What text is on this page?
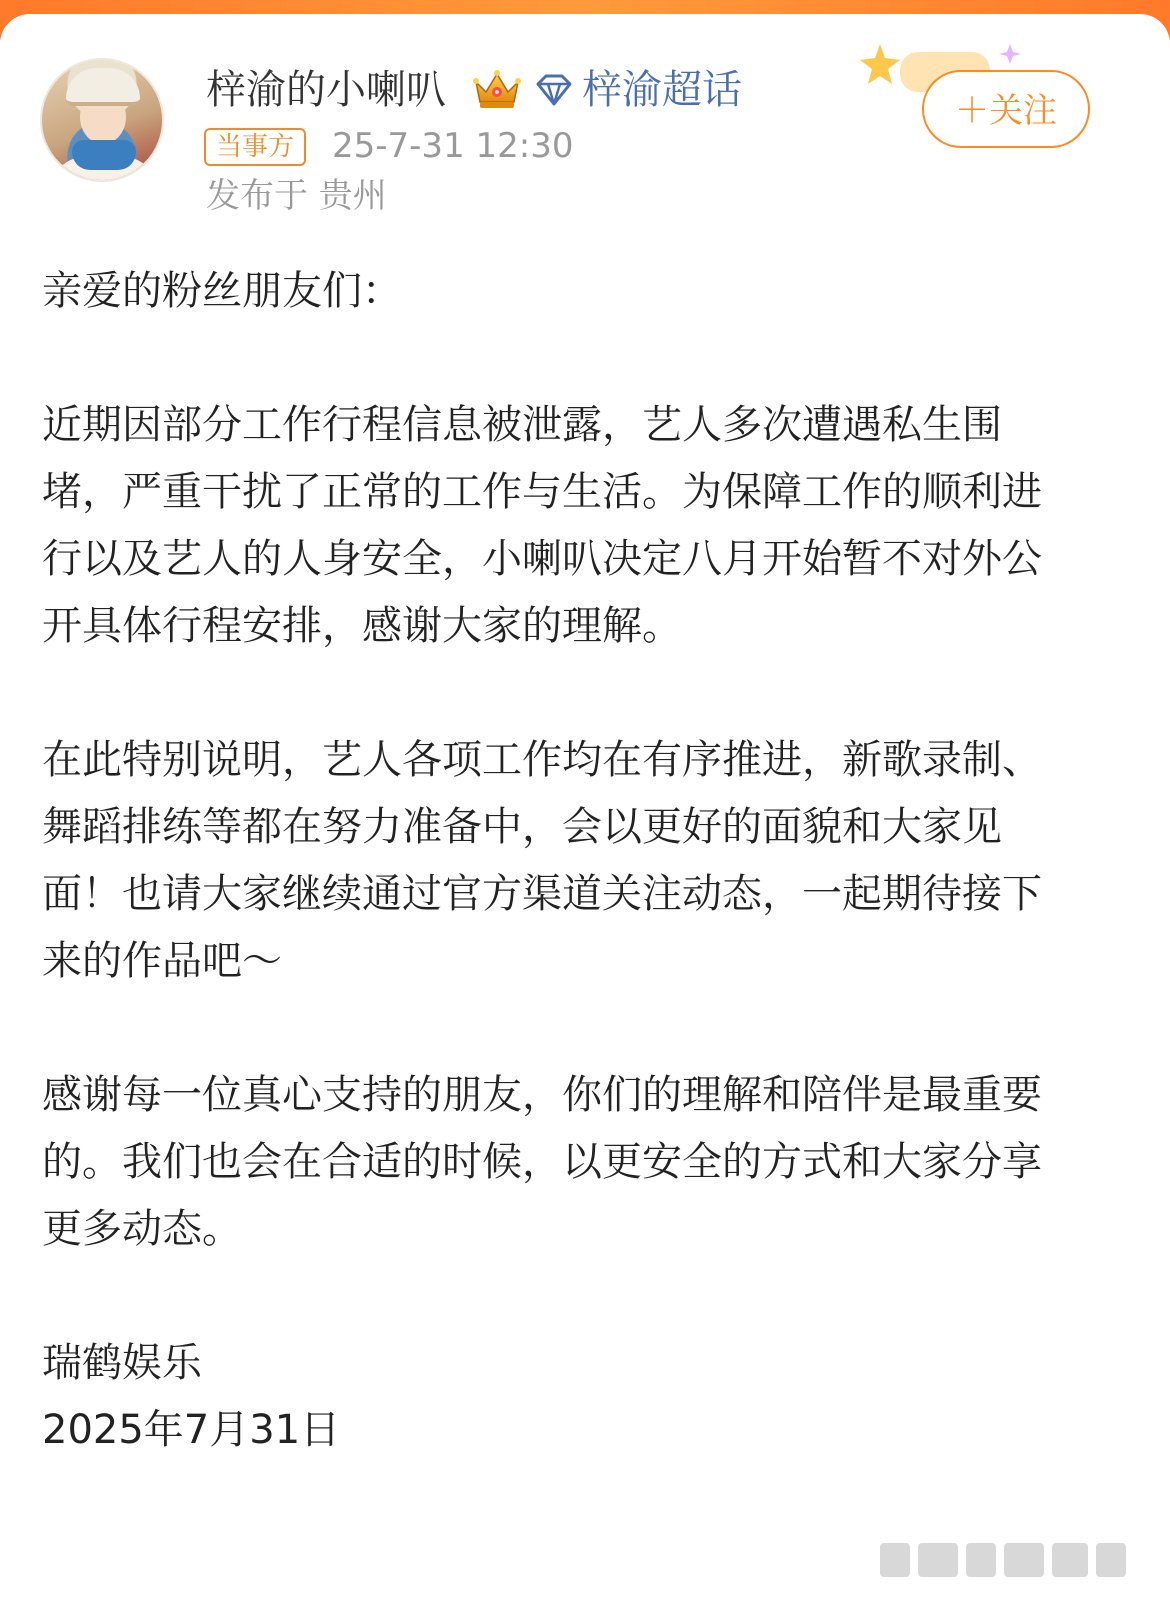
梓渝的小喇叭	梓渝超话
当事方	25-7-31 12:30
发布于 贵州
＋关注

亲爱的粉丝朋友们：

近期因部分工作行程信息被泄露，艺人多次遭遇私生围堵，严重干扰了正常的工作与生活。为保障工作的顺利进行以及艺人的人身安全，小喇叭决定八月开始暂不对外公开具体行程安排，感谢大家的理解。

在此特别说明，艺人各项工作均在有序推进，新歌录制、舞蹈排练等都在努力准备中，会以更好的面貌和大家见面！也请大家继续通过官方渠道关注动态，一起期待接下来的作品吧～

感谢每一位真心支持的朋友，你们的理解和陪伴是最重要的。我们也会在合适的时候，以更安全的方式和大家分享更多动态。

瑞鹤娱乐

2025年7月31日
